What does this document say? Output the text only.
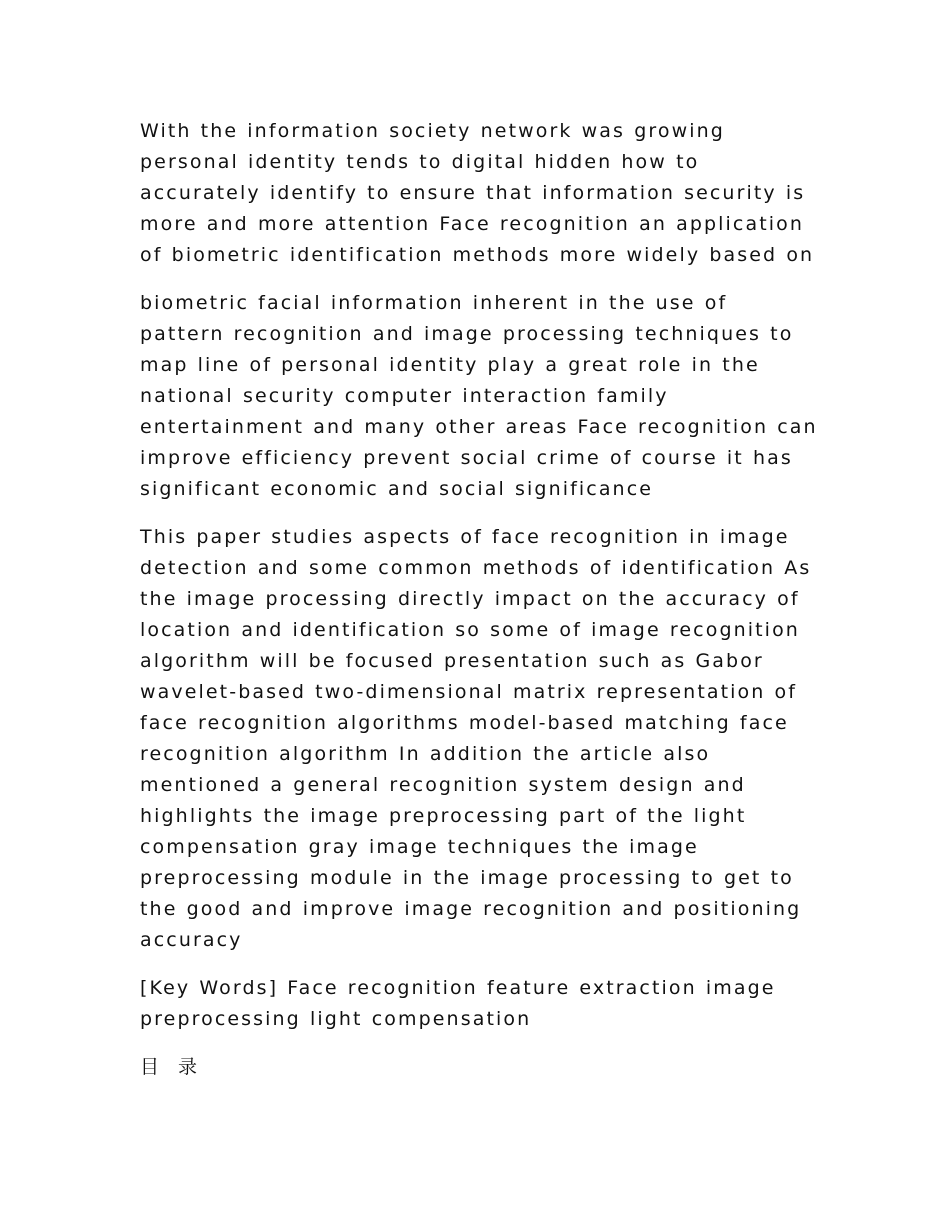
With the information society network was growing personal identity tends to digital hidden how to accurately identify to ensure that information security is more and more attention Face recognition an application of biometric identification methods more widely based on

biometric facial information inherent in the use of pattern recognition and image processing techniques to map line of personal identity play a great role in the national security computer interaction family entertainment and many other areas Face recognition can improve efficiency prevent social crime of course it has significant economic and social significance

This paper studies aspects of face recognition in image detection and some common methods of identification As the image processing directly impact on the accuracy of location and identification so some of image recognition algorithm will be focused presentation such as Gabor wavelet-based two-dimensional matrix representation of face recognition algorithms model-based matching face recognition algorithm In addition the article also mentioned a general recognition system design and highlights the image preprocessing part of the light compensation gray image techniques the image preprocessing module in the image processing to get to the good and improve image recognition and positioning accuracy

[Key Words] Face recognition feature extraction image preprocessing light compensation

目 录
